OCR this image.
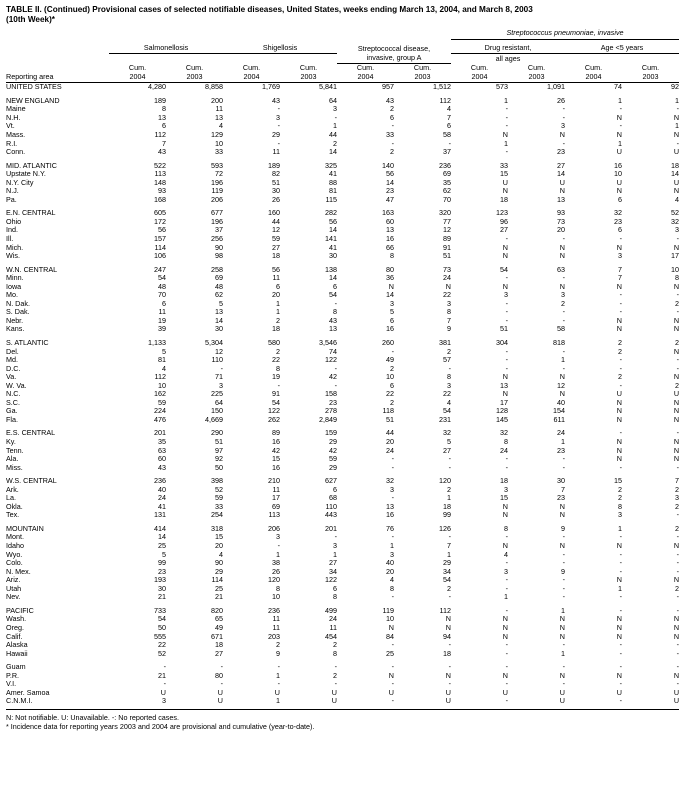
TABLE II. (Continued) Provisional cases of selected notifiable diseases, United States, weeks ending March 13, 2004, and March 8, 2003
(10th Week)*
							Streptococcus pneumoniae, invasive			
	Salmonellosis		Shigellosis		Streptococcal disease,		Drug resistant,		Age <5 years	
					invasive, group A		all ages			
	Cum.	Cum.	Cum.	Cum.	Cum.	Cum.	Cum.	Cum.	Cum.	Cum.
Reporting area	2004	2003	2004	2003	2004	2003	2004	2003	2004	2003
UNITED STATES	4,280	8,858	1,769	5,841	957	1,512	573	1,091	74	92

NEW ENGLAND	189	200	43	64	43	112	1	26	1	1
Maine	8	11	-	3	2	4	-	-	-	-
N.H.	13	13	3	-	6	7	-	-	N	N
Vt.	6	4	-	1	-	6	-	3	-	1
Mass.	112	129	29	44	33	58	N	N	N	N
R.I.	7	10	-	2	-	-	1	-	1	-
Conn.	43	33	11	14	2	37	-	23	U	U

MID. ATLANTIC	522	593	189	325	140	236	33	27	16	18
Upstate N.Y.	113	72	82	41	56	69	15	14	10	14
N.Y. City	148	196	51	88	14	35	U	U	U	U
N.J.	93	119	30	81	23	62	N	N	N	N
Pa.	168	206	26	115	47	70	18	13	6	4

E.N. CENTRAL	605	677	160	282	163	320	123	93	32	52
Ohio	172	196	44	56	60	77	96	73	23	32
Ind.	56	37	12	14	13	12	27	20	6	3
Ill.	157	256	59	141	16	89	-	-	-	-
Mich.	114	90	27	41	66	91	N	N	N	N
Wis.	106	98	18	30	8	51	N	N	3	17

W.N. CENTRAL	247	258	56	138	80	73	54	63	7	10
Minn.	54	69	11	14	36	24	-	-	7	8
Iowa	48	48	6	6	N	N	N	N	N	N
Mo.	70	62	20	54	14	22	3	3	-	-
N. Dak.	6	5	1	-	3	3	-	2	-	2
S. Dak.	11	13	1	8	5	8	-	-	-	-
Nebr.	19	14	2	43	6	7	-	-	N	N
Kans.	39	30	18	13	16	9	51	58	N	N

S. ATLANTIC	1,133	5,304	580	3,546	260	381	304	818	2	2
Del.	5	12	2	74	-	2	-	-	2	N
Md.	81	110	22	122	49	57	-	1	-	-
D.C.	4	-	8	-	2	-	-	-	-	-
Va.	112	71	19	42	10	8	N	N	2	N
W. Va.	10	3	-	-	6	3	13	12	-	2
N.C.	162	225	91	158	22	22	N	N	U	U
S.C.	59	64	54	23	2	4	17	40	N	N
Ga.	224	150	122	278	118	54	128	154	N	N
Fla.	476	4,669	262	2,849	51	231	145	611	N	N

E.S. CENTRAL	201	290	89	159	44	32	32	24	-	-
Ky.	35	51	16	29	20	5	8	1	N	N
Tenn.	63	97	42	42	24	27	24	23	N	N
Ala.	60	92	15	59	-	-	-	-	N	N
Miss.	43	50	16	29	-	-	-	-	-	-

W.S. CENTRAL	236	398	210	627	32	120	18	30	15	7
Ark.	40	52	11	6	3	2	3	7	2	2
La.	24	59	17	68	-	1	15	23	2	3
Okla.	41	33	69	110	13	18	N	N	8	2
Tex.	131	254	113	443	16	99	N	N	3	-

MOUNTAIN	414	318	206	201	76	126	8	9	1	2
Mont.	14	15	3	-	-	-	-	-	-	-
Idaho	25	20	-	3	1	7	N	N	N	N
Wyo.	5	4	1	1	3	1	4	-	-	-
Colo.	99	90	38	27	40	29	-	-	-	-
N. Mex.	23	29	26	34	20	34	3	9	-	-
Ariz.	193	114	120	122	4	54	-	-	N	N
Utah	30	25	8	6	8	2	-	-	1	2
Nev.	21	21	10	8	-	-	1	-	-	-

PACIFIC	733	820	236	499	119	112	-	1	-	-
Wash.	54	65	11	24	10	N	N	N	N	N
Oreg.	50	49	11	11	N	N	N	N	N	N
Calif.	555	671	203	454	84	94	N	N	N	N
Alaska	22	18	2	2	-	-	-	-	-	-
Hawaii	52	27	9	8	25	18	-	1	-	-

Guam	-	-	-	-	-	-	-	-	-	-
P.R.	21	80	1	2	N	N	N	N	N	N
V.I.	-	-	-	-	-	-	-	-	-	-
Amer. Samoa	U	U	U	U	U	U	U	U	U	U
C.N.M.I.	3	U	1	U	-	U	-	U	-	U
N: Not notifiable. U: Unavailable. -: No reported cases.
* Incidence data for reporting years 2003 and 2004 are provisional and cumulative (year-to-date).
